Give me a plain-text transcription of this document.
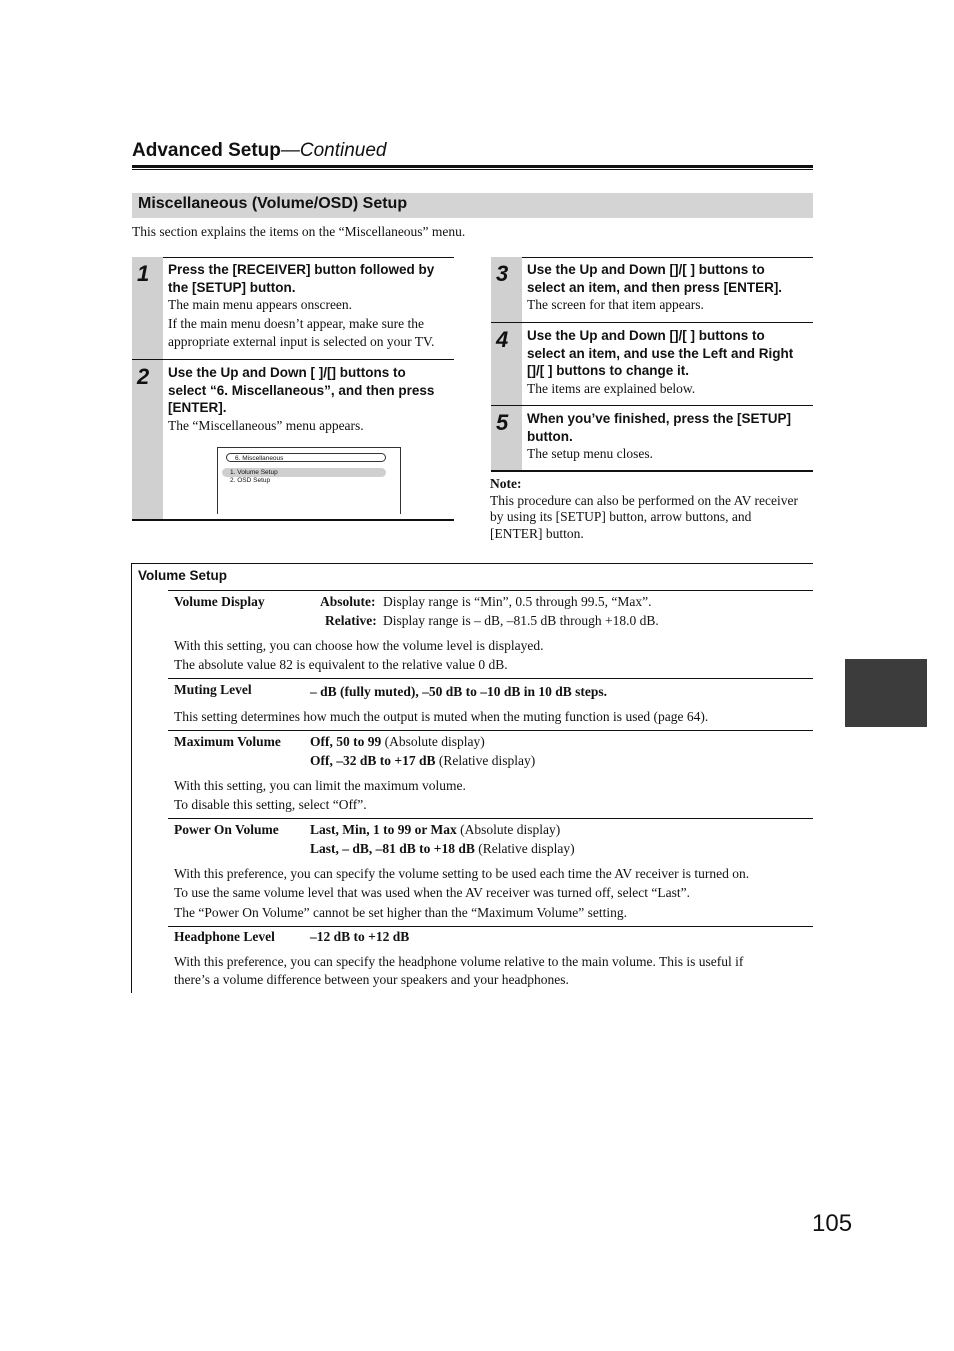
Advanced Setup—Continued
Miscellaneous (Volume/OSD) Setup
This section explains the items on the “Miscellaneous” menu.
1 Press the [RECEIVER] button followed by
the [SETUP] button.
The main menu appears onscreen.
If the main menu doesn’t appear, make sure the
appropriate external input is selected on your TV.
2 Use the Up and Down [ ]/[] buttons to
select “6. Miscellaneous”, and then press
[ENTER].
The “Miscellaneous” menu appears.
6. Miscellaneous
1. Volume Setup
2. OSD Setup
3 Use the Up and Down []/[ ] buttons to
select an item, and then press [ENTER].
The screen for that item appears.
4 Use the Up and Down []/[ ] buttons to
select an item, and use the Left and Right
[]/[ ] buttons to change it.
The items are explained below.
5 When you’ve finished, press the [SETUP]
button.
The setup menu closes.
Note:
This procedure can also be performed on the AV receiver
by using its [SETUP] button, arrow buttons, and
[ENTER] button.
Volume Setup
Volume Display	Absolute: Display range is “Min”, 0.5 through 99.5, “Max”.
Relative: Display range is – dB, –81.5 dB through +18.0 dB.
With this setting, you can choose how the volume level is displayed.
The absolute value 82 is equivalent to the relative value 0 dB.
Muting Level	– dB (fully muted), –50 dB to –10 dB in 10 dB steps.
This setting determines how much the output is muted when the muting function is used (page 64).
Maximum Volume Off, 50 to 99 (Absolute display)
Off, –32 dB to +17 dB (Relative display)
With this setting, you can limit the maximum volume.
To disable this setting, select “Off”.
Power On Volume Last, Min, 1 to 99 or Max (Absolute display)
Last, – dB, –81 dB to +18 dB (Relative display)
With this preference, you can specify the volume setting to be used each time the AV receiver is turned on.
To use the same volume level that was used when the AV receiver was turned off, select “Last”.
The “Power On Volume” cannot be set higher than the “Maximum Volume” setting.
Headphone Level	–12 dB to +12 dB
With this preference, you can specify the headphone volume relative to the main volume. This is useful if
there’s a volume difference between your speakers and your headphones.
105
